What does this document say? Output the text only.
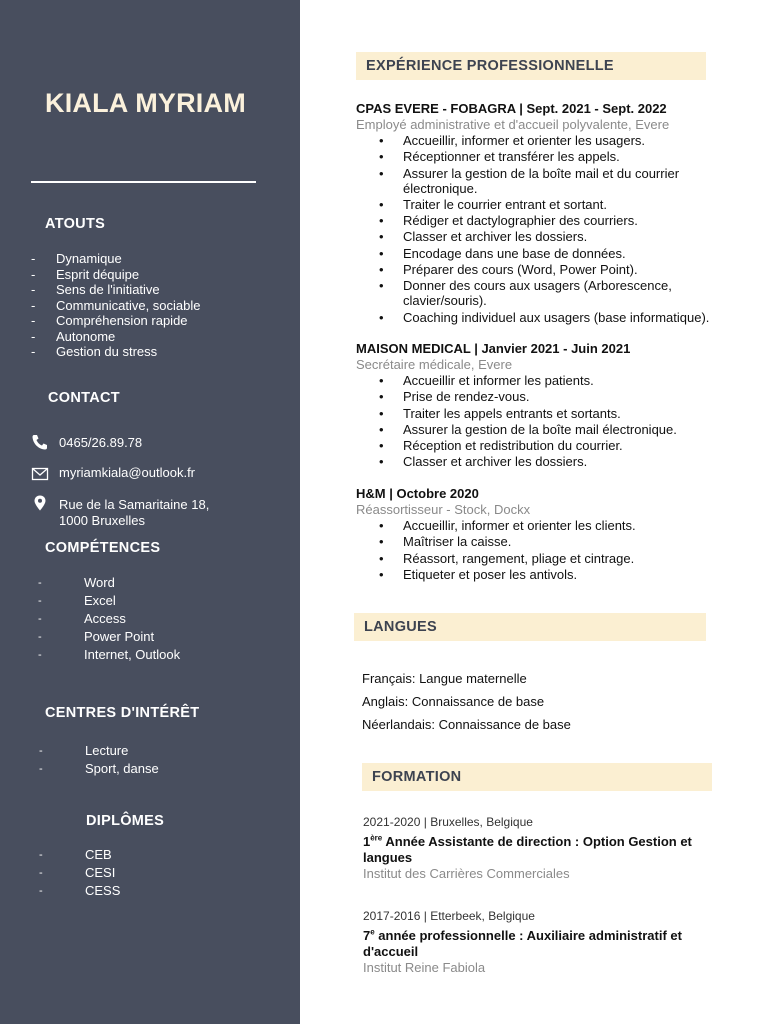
KIALA MYRIAM
ATOUTS
- Dynamique
- Esprit déquipe
- Sens de l'initiative
- Communicative, sociable
- Compréhension rapide
- Autonome
- Gestion du stress
CONTACT
0465/26.89.78
myriamkiala@outlook.fr
Rue de la Samaritaine 18,
1000 Bruxelles
COMPÉTENCES
-	Word
-	Excel
-	Access
-	Power Point
-	Internet, Outlook
CENTRES D'INTÉRÊT
-	Lecture
-	Sport, danse
DIPLÔMES
-	CEB
-	CESI
-	CESS
EXPÉRIENCE PROFESSIONNELLE
CPAS EVERE - FOBAGRA | Sept. 2021 - Sept. 2022
Employé administrative et d'accueil polyvalente, Evere
• Accueillir, informer et orienter les usagers.
• Réceptionner et transférer les appels.
• Assurer la gestion de la boîte mail et du courrier électronique.
• Traiter le courrier entrant et sortant.
• Rédiger et dactylographier des courriers.
• Classer et archiver les dossiers.
• Encodage dans une base de données.
• Préparer des cours (Word, Power Point).
• Donner des cours aux usagers (Arborescence, clavier/souris).
• Coaching individuel aux usagers (base informatique).
MAISON MEDICAL | Janvier 2021 - Juin 2021
Secrétaire médicale, Evere
• Accueillir et informer les patients.
• Prise de rendez-vous.
• Traiter les appels entrants et sortants.
• Assurer la gestion de la boîte mail électronique.
• Réception et redistribution du courrier.
• Classer et archiver les dossiers.
H&M | Octobre 2020
Réassortisseur - Stock, Dockx
• Accueillir, informer et orienter les clients.
• Maîtriser la caisse.
• Réassort, rangement, pliage et cintrage.
• Etiqueter et poser les antivols.
LANGUES
Français: Langue maternelle
Anglais: Connaissance de base
Néerlandais: Connaissance de base
FORMATION
2021-2020 | Bruxelles, Belgique
1ère Année Assistante de direction : Option Gestion et langues
Institut des Carrières Commerciales
2017-2016 | Etterbeek, Belgique
7e année professionnelle : Auxiliaire administratif et d'accueil
Institut Reine Fabiola
